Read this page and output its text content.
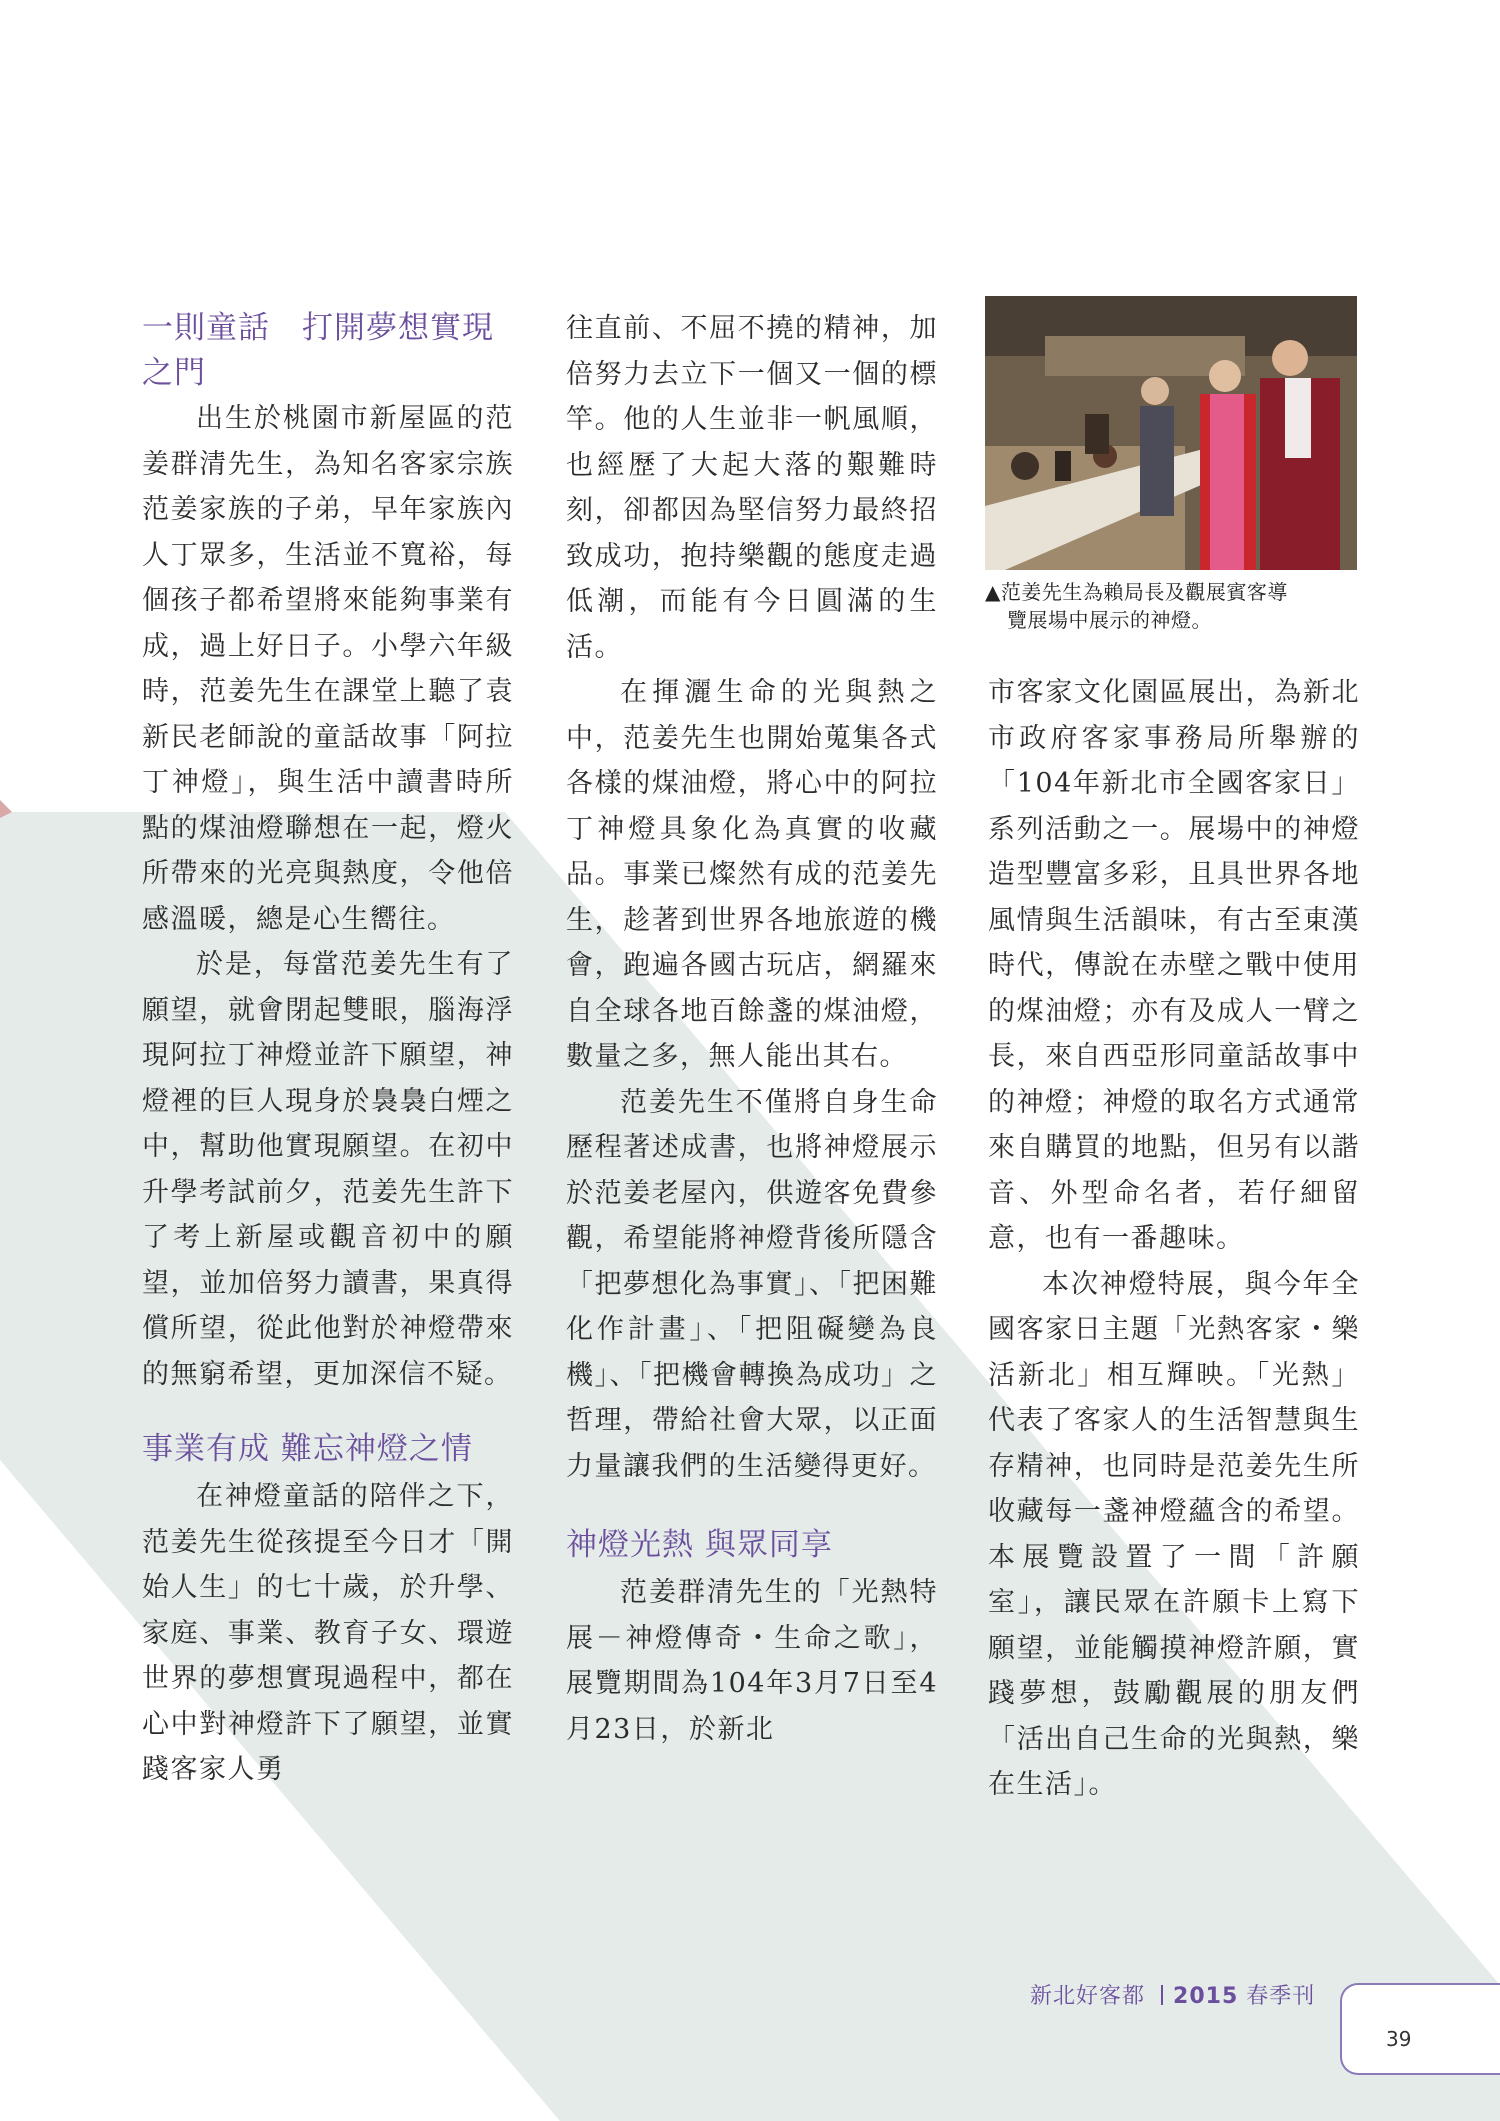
一則童話　打開夢想實現之門

出生於桃園市新屋區的范姜群清先生，為知名客家宗族范姜家族的子弟，早年家族內人丁眾多，生活並不寬裕，每個孩子都希望將來能夠事業有成，過上好日子。小學六年級時，范姜先生在課堂上聽了袁新民老師說的童話故事「阿拉丁神燈」，與生活中讀書時所點的煤油燈聯想在一起，燈火所帶來的光亮與熱度，令他倍感溫暖，總是心生嚮往。

於是，每當范姜先生有了願望，就會閉起雙眼，腦海浮現阿拉丁神燈並許下願望，神燈裡的巨人現身於裊裊白煙之中，幫助他實現願望。在初中升學考試前夕，范姜先生許下了考上新屋或觀音初中的願望，並加倍努力讀書，果真得償所望，從此他對於神燈帶來的無窮希望，更加深信不疑。

事業有成 難忘神燈之情

在神燈童話的陪伴之下，范姜先生從孩提至今日才「開始人生」的七十歲，於升學、家庭、事業、教育子女、環遊世界的夢想實現過程中，都在心中對神燈許下了願望，並實踐客家人勇

往直前、不屈不撓的精神，加倍努力去立下一個又一個的標竿。他的人生並非一帆風順，也經歷了大起大落的艱難時刻，卻都因為堅信努力最終招致成功，抱持樂觀的態度走過低潮，而能有今日圓滿的生活。

在揮灑生命的光與熱之中，范姜先生也開始蒐集各式各樣的煤油燈，將心中的阿拉丁神燈具象化為真實的收藏品。事業已燦然有成的范姜先生，趁著到世界各地旅遊的機會，跑遍各國古玩店，網羅來自全球各地百餘盞的煤油燈，數量之多，無人能出其右。

范姜先生不僅將自身生命歷程著述成書，也將神燈展示於范姜老屋內，供遊客免費參觀，希望能將神燈背後所隱含「把夢想化為事實」、「把困難化作計畫」、「把阻礙變為良機」、「把機會轉換為成功」之哲理，帶給社會大眾，以正面力量讓我們的生活變得更好。

神燈光熱 與眾同享

范姜群清先生的「光熱特展－神燈傳奇・生命之歌」，展覽期間為104年3月7日至4月23日，於新北

▲范姜先生為賴局長及觀展賓客導
覽展場中展示的神燈。

市客家文化園區展出，為新北市政府客家事務局所舉辦的「104年新北市全國客家日」系列活動之一。展場中的神燈造型豐富多彩，且具世界各地風情與生活韻味，有古至東漢時代，傳說在赤壁之戰中使用的煤油燈；亦有及成人一臂之長，來自西亞形同童話故事中的神燈；神燈的取名方式通常來自購買的地點，但另有以諧音、外型命名者，若仔細留意，也有一番趣味。

本次神燈特展，與今年全國客家日主題「光熱客家・樂活新北」相互輝映。「光熱」代表了客家人的生活智慧與生存精神，也同時是范姜先生所收藏每一盞神燈蘊含的希望。本展覽設置了一間「許願室」，讓民眾在許願卡上寫下願望，並能觸摸神燈許願，實踐夢想，鼓勵觀展的朋友們「活出自己生命的光與熱，樂在生活」。

新北好客都 2015 春季刊
39
